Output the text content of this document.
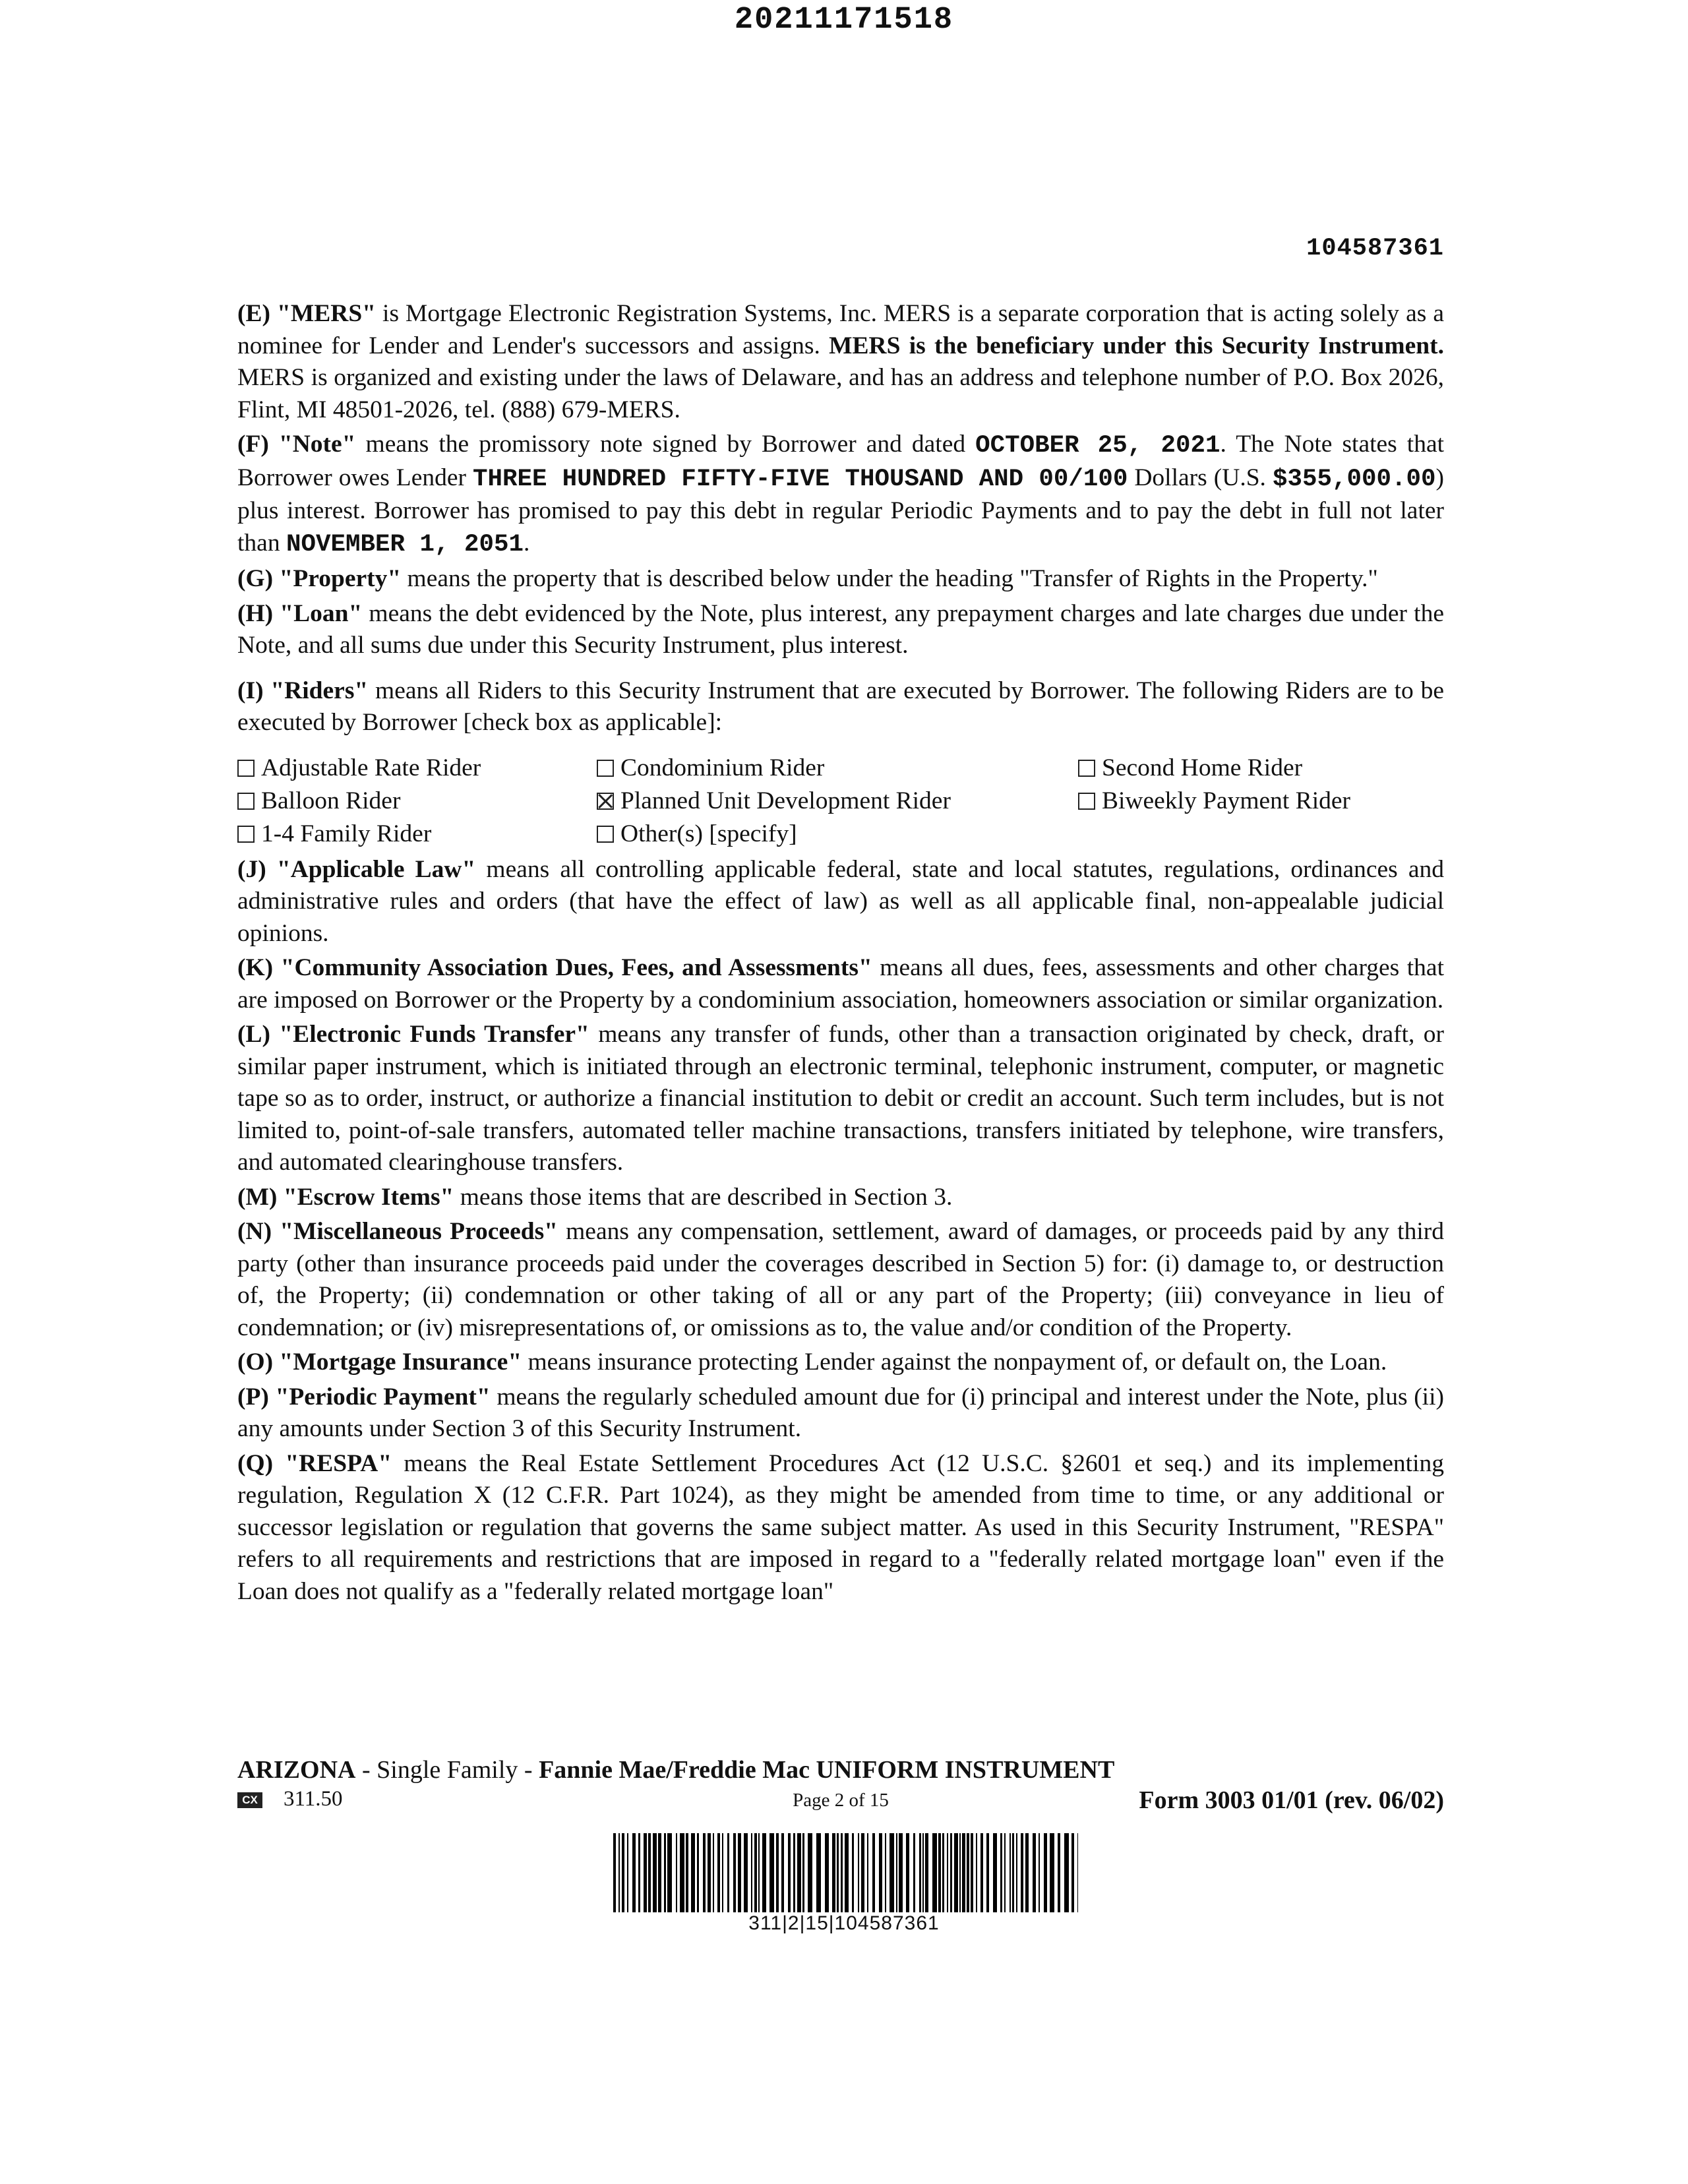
20211171518
104587361

(E) "MERS" is Mortgage Electronic Registration Systems, Inc. MERS is a separate corporation that is acting solely as a nominee for Lender and Lender's successors and assigns. MERS is the beneficiary under this Security Instrument. MERS is organized and existing under the laws of Delaware, and has an address and telephone number of P.O. Box 2026, Flint, MI 48501-2026, tel. (888) 679-MERS.

(F) "Note" means the promissory note signed by Borrower and dated OCTOBER 25, 2021. The Note states that Borrower owes Lender THREE HUNDRED FIFTY-FIVE THOUSAND AND 00/100 Dollars (U.S. $355,000.00) plus interest. Borrower has promised to pay this debt in regular Periodic Payments and to pay the debt in full not later than NOVEMBER 1, 2051.

(G) "Property" means the property that is described below under the heading "Transfer of Rights in the Property."

(H) "Loan" means the debt evidenced by the Note, plus interest, any prepayment charges and late charges due under the Note, and all sums due under this Security Instrument, plus interest.

(I) "Riders" means all Riders to this Security Instrument that are executed by Borrower. The following Riders are to be executed by Borrower [check box as applicable]:

Adjustable Rate Rider	Condominium Rider	Second Home Rider
Balloon Rider	Planned Unit Development Rider	Biweekly Payment Rider
1-4 Family Rider	Other(s) [specify]

(J) "Applicable Law" means all controlling applicable federal, state and local statutes, regulations, ordinances and administrative rules and orders (that have the effect of law) as well as all applicable final, non-appealable judicial opinions.

(K) "Community Association Dues, Fees, and Assessments" means all dues, fees, assessments and other charges that are imposed on Borrower or the Property by a condominium association, homeowners association or similar organization.

(L) "Electronic Funds Transfer" means any transfer of funds, other than a transaction originated by check, draft, or similar paper instrument, which is initiated through an electronic terminal, telephonic instrument, computer, or magnetic tape so as to order, instruct, or authorize a financial institution to debit or credit an account. Such term includes, but is not limited to, point-of-sale transfers, automated teller machine transactions, transfers initiated by telephone, wire transfers, and automated clearinghouse transfers.

(M) "Escrow Items" means those items that are described in Section 3.

(N) "Miscellaneous Proceeds" means any compensation, settlement, award of damages, or proceeds paid by any third party (other than insurance proceeds paid under the coverages described in Section 5) for: (i) damage to, or destruction of, the Property; (ii) condemnation or other taking of all or any part of the Property; (iii) conveyance in lieu of condemnation; or (iv) misrepresentations of, or omissions as to, the value and/or condition of the Property.

(O) "Mortgage Insurance" means insurance protecting Lender against the nonpayment of, or default on, the Loan.

(P) "Periodic Payment" means the regularly scheduled amount due for (i) principal and interest under the Note, plus (ii) any amounts under Section 3 of this Security Instrument.

(Q) "RESPA" means the Real Estate Settlement Procedures Act (12 U.S.C. §2601 et seq.) and its implementing regulation, Regulation X (12 C.F.R. Part 1024), as they might be amended from time to time, or any additional or successor legislation or regulation that governs the same subject matter. As used in this Security Instrument, "RESPA" refers to all requirements and restrictions that are imposed in regard to a "federally related mortgage loan" even if the Loan does not qualify as a "federally related mortgage loan"

ARIZONA - Single Family - Fannie Mae/Freddie Mac UNIFORM INSTRUMENT
CX 311.50	Page 2 of 15	Form 3003 01/01 (rev. 06/02)
311|2|15|104587361
